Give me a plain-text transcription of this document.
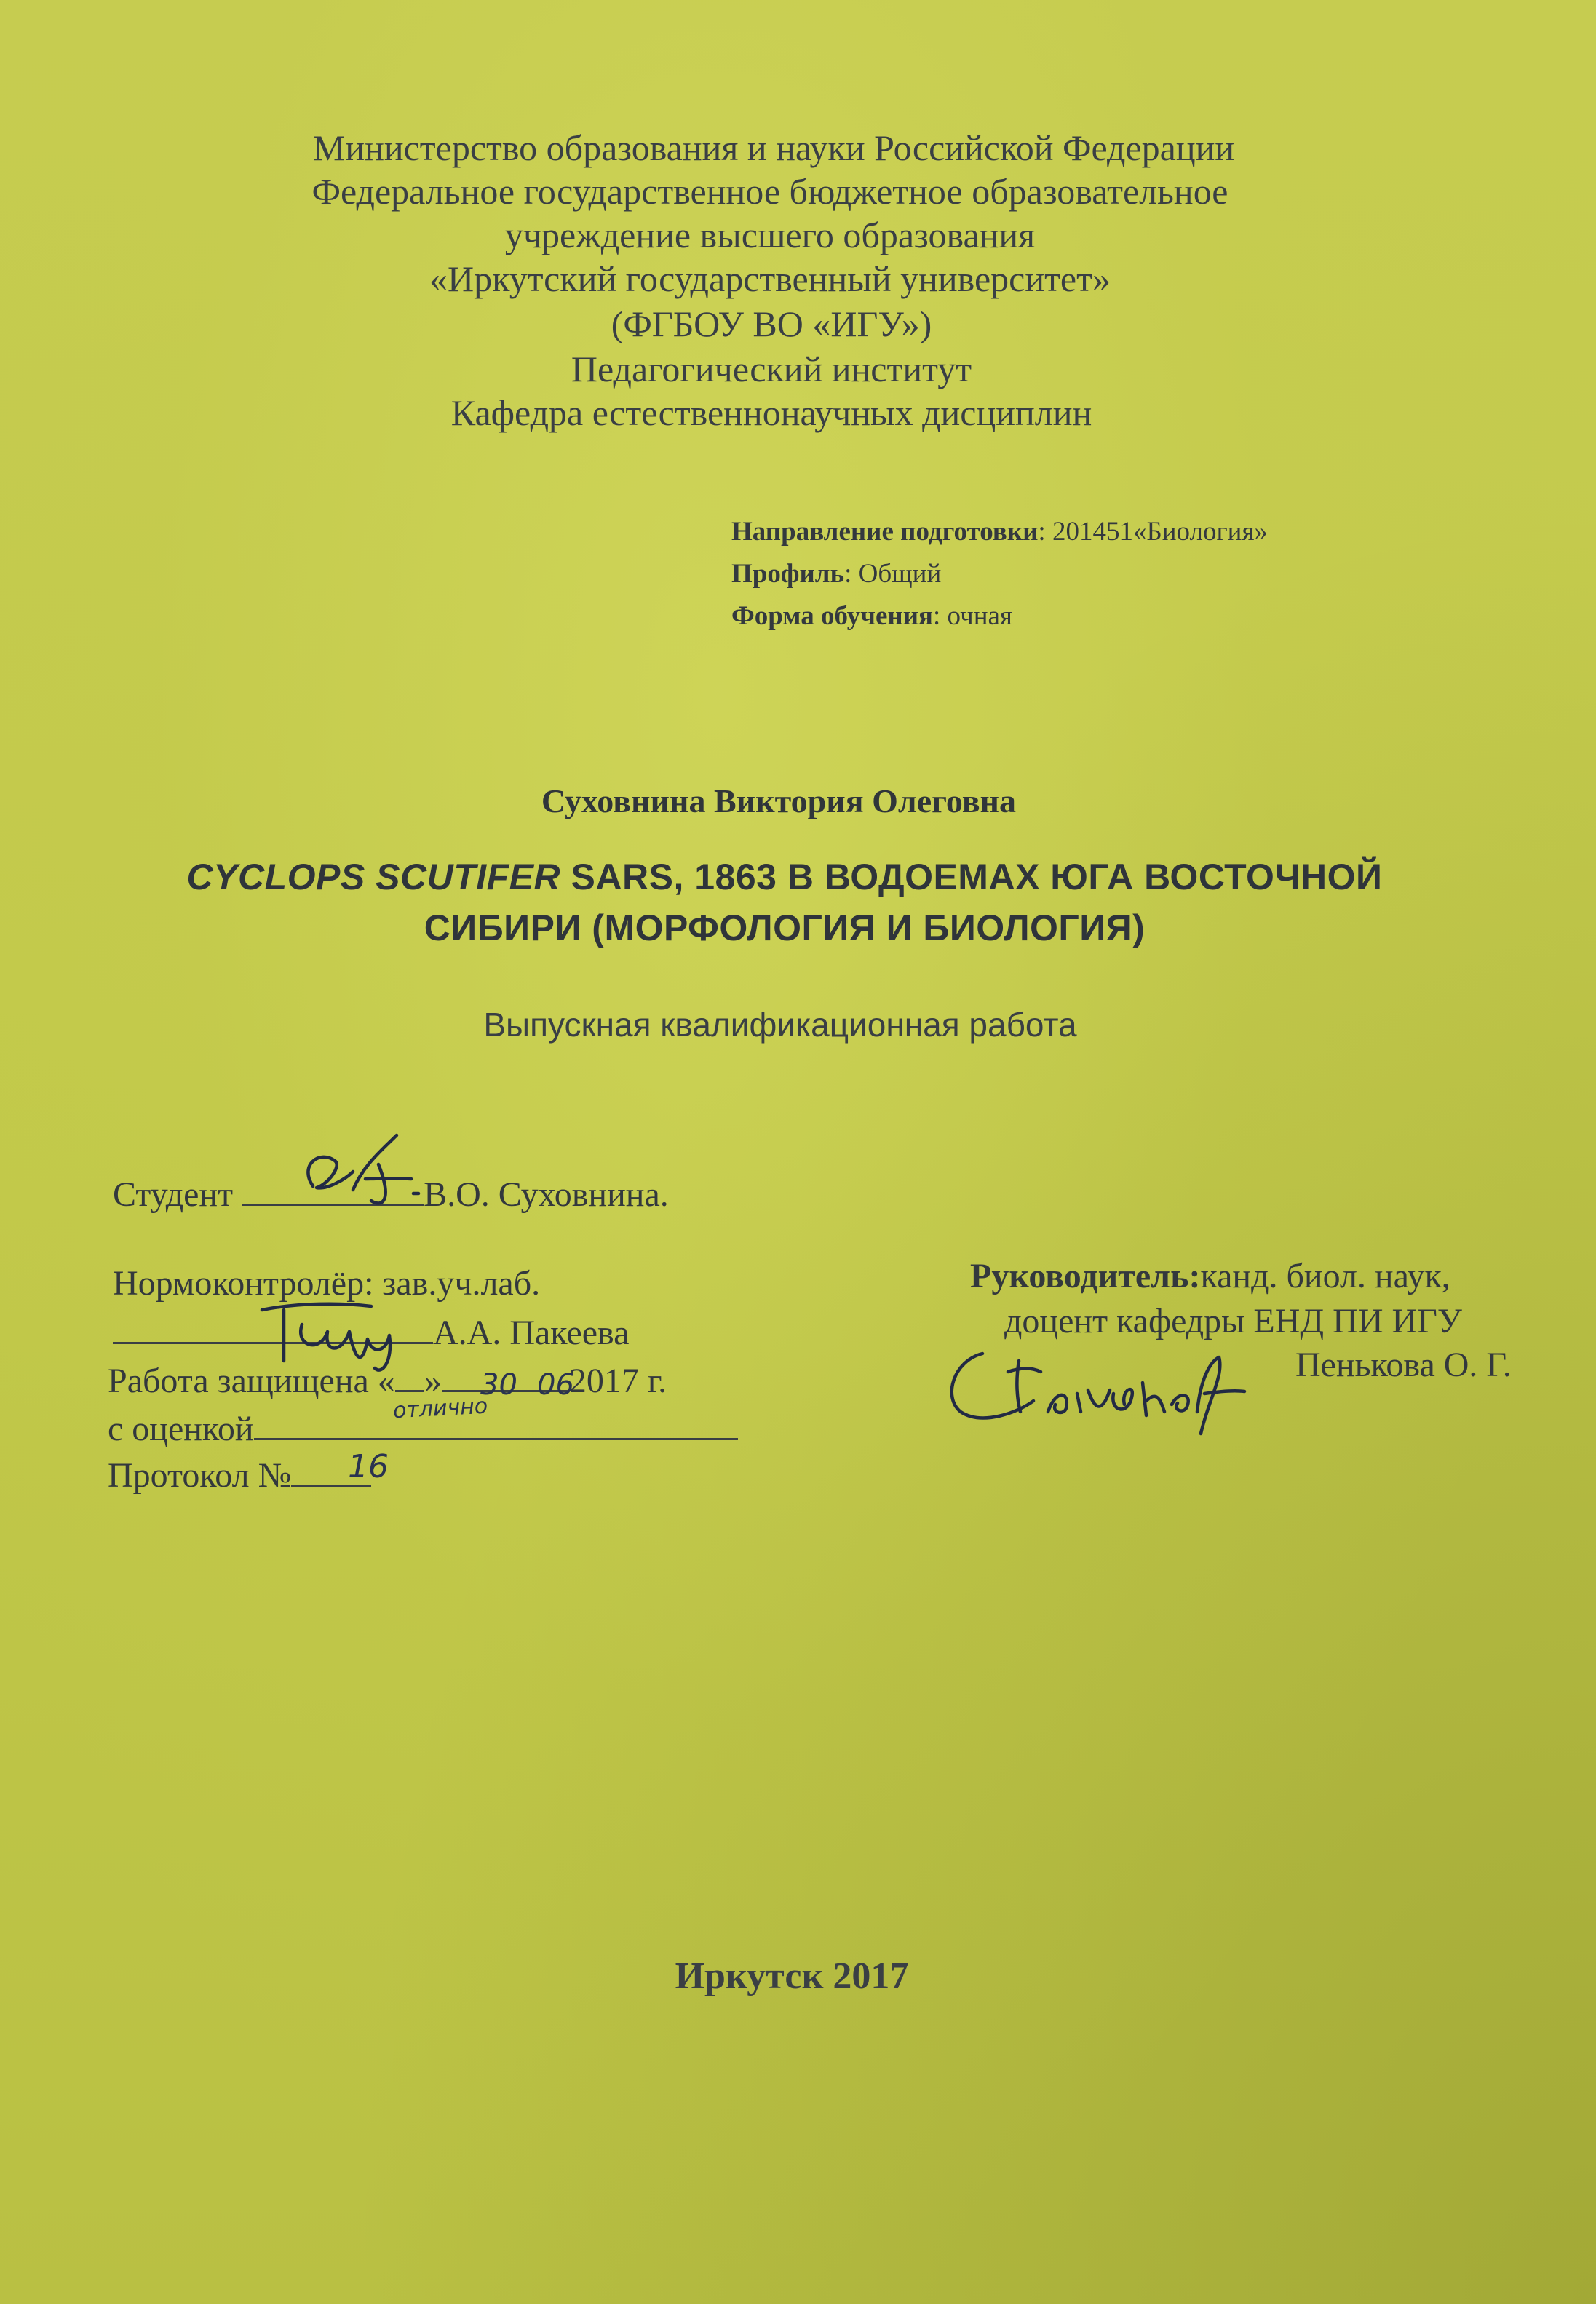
Министерство образования и науки Российской Федерации
Федеральное государственное бюджетное образовательное
учреждение высшего образования
«Иркутский государственный университет»
(ФГБОУ ВО «ИГУ»)
Педагогический институт
Кафедра естественнонаучных дисциплин
Направление подготовки: 201451«Биология»
Профиль: Общий
Форма обучения: очная
Суховнина Виктория Олеговна
CYCLOPS SCUTIFER SARS, 1863 В ВОДОЕМАХ ЮГА ВОСТОЧНОЙ
СИБИРИ (МОРФОЛОГИЯ И БИОЛОГИЯ)
Выпускная квалификационная работа
Студент	В.О. Суховнина.
Нормоконтролёр: зав.уч.лаб.
А.А. Пакеева
Работа защищена « »	2017 г.
с оценкой
Протокол №
Руководитель:канд. биол. наук,
доцент кафедры ЕНД ПИ ИГУ
Пенькова О. Г.
30 06
отлично
16
Иркутск 2017
